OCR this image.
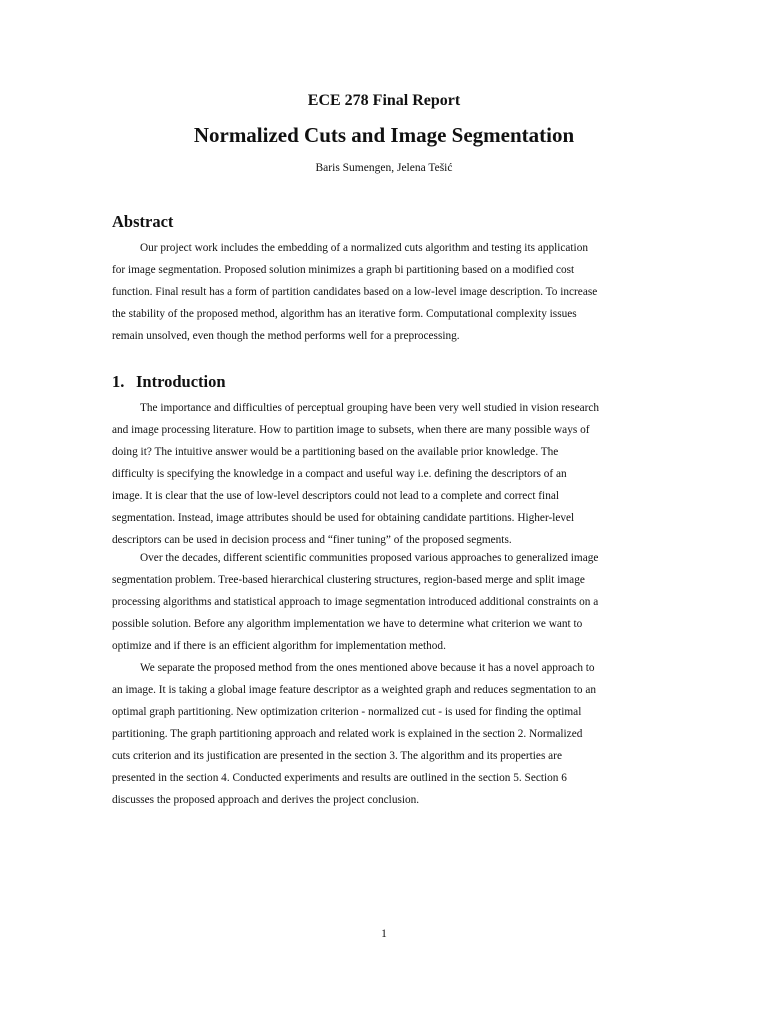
ECE 278 Final Report
Normalized Cuts and Image Segmentation
Baris Sumengen, Jelena Tešić
Abstract
Our project work includes the embedding of a normalized cuts algorithm and testing its application
for image segmentation. Proposed solution minimizes a graph bi partitioning based on a modified cost
function. Final result has a form of partition candidates based on a low-level image description. To increase
the stability of the proposed method, algorithm has an iterative form. Computational complexity issues
remain unsolved, even though the method performs well for a preprocessing.
1. Introduction
The importance and difficulties of perceptual grouping have been very well studied in vision research
and image processing literature. How to partition image to subsets, when there are many possible ways of
doing it? The intuitive answer would be a partitioning based on the available prior knowledge. The
difficulty is specifying the knowledge in a compact and useful way i.e. defining the descriptors of an
image. It is clear that the use of low-level descriptors could not lead to a complete and correct final
segmentation. Instead, image attributes should be used for obtaining candidate partitions. Higher-level
descriptors can be used in decision process and “finer tuning” of the proposed segments.
Over the decades, different scientific communities proposed various approaches to generalized image
segmentation problem. Tree-based hierarchical clustering structures, region-based merge and split image
processing algorithms and statistical approach to image segmentation introduced additional constraints on a
possible solution. Before any algorithm implementation we have to determine what criterion we want to
optimize and if there is an efficient algorithm for implementation method.
We separate the proposed method from the ones mentioned above because it has a novel approach to
an image. It is taking a global image feature descriptor as a weighted graph and reduces segmentation to an
optimal graph partitioning. New optimization criterion - normalized cut - is used for finding the optimal
partitioning. The graph partitioning approach and related work is explained in the section 2. Normalized
cuts criterion and its justification are presented in the section 3. The algorithm and its properties are
presented in the section 4. Conducted experiments and results are outlined in the section 5. Section 6
discusses the proposed approach and derives the project conclusion.
1
